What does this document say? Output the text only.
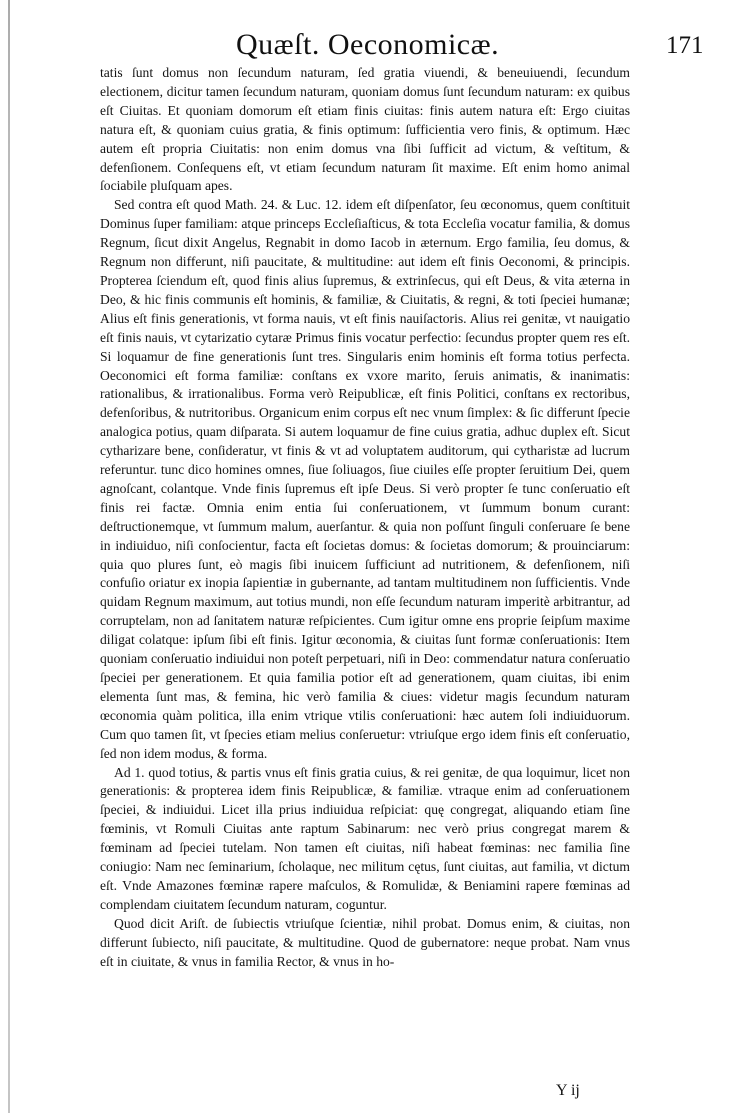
Quæſt. Oeconomicæ.	171

tatis ſunt domus non ſecundum naturam, ſed gratia viuendi, & beneuiuendi, ſecundum electionem, dicitur tamen ſecundum naturam, quoniam domus ſunt ſecundum naturam: ex quibus eſt Ciuitas. Et quoniam domorum eſt etiam finis ciuitas: finis autem natura eſt: Ergo ciuitas natura eſt, & quoniam cuius gratia, & finis optimum: ſufficientia vero finis, & optimum. Hæc autem eſt propria Ciuitatis: non enim domus vna ſibi ſufficit ad victum, & veſtitum, & defenſionem. Conſequens eſt, vt etiam ſecundum naturam ſit maxime. Eſt enim homo animal ſociabile pluſquam apes.

Sed contra eſt quod Math. 24. & Luc. 12. idem eſt diſpenſator, ſeu œconomus, quem conſtituit Dominus ſuper familiam: atque princeps Eccleſiaſticus, & tota Eccleſia vocatur familia, & domus Regnum, ſicut dixit Angelus, Regnabit in domo Iacob in æternum. Ergo familia, ſeu domus, & Regnum non differunt, niſi paucitate, & multitudine: aut idem eſt finis Oeconomi, & principis. Propterea ſciendum eſt, quod finis alius ſupremus, & extrinſecus, qui eſt Deus, & vita æterna in Deo, & hic finis communis eſt hominis, & familiæ, & Ciuitatis, & regni, & toti ſpeciei humanæ; Alius eſt finis generationis, vt forma nauis, vt eſt finis nauiſactoris. Alius rei genitæ, vt nauigatio eſt finis nauis, vt cytarizatio cytaræ Primus finis vocatur perfectio: ſecundus propter quem res eſt. Si loquamur de fine generationis ſunt tres. Singularis enim hominis eſt forma totius perfecta. Oeconomici eſt forma familiæ: conſtans ex vxore marito, ſeruis animatis, & inanimatis: rationalibus, & irrationalibus. Forma verò Reipublicæ, eſt finis Politici, conſtans ex rectoribus, defenſoribus, & nutritoribus. Organicum enim corpus eſt nec vnum ſimplex: & ſic differunt ſpecie analogica potius, quam diſparata. Si autem loquamur de fine cuius gratia, adhuc duplex eſt. Sicut cytharizare bene, conſideratur, vt finis & vt ad voluptatem auditorum, qui cytharistæ ad lucrum referuntur. tunc dico homines omnes, ſiue ſoliuagos, ſiue ciuiles eſſe propter ſeruitium Dei, quem agnoſcant, colantque. Vnde finis ſupremus eſt ipſe Deus. Si verò propter ſe tunc conſeruatio eſt finis rei factæ. Omnia enim entia ſui conſeruationem, vt ſummum bonum curant: deſtructionemque, vt ſummum malum, auerſantur. & quia non poſſunt ſinguli conſeruare ſe bene in indiuiduo, niſi conſocientur, facta eſt ſocietas domus: & ſocietas domorum; & prouinciarum: quia quo plures ſunt, eò magis ſibi inuicem ſufficiunt ad nutritionem, & defenſionem, niſi confuſio oriatur ex inopia ſapientiæ in gubernante, ad tantam multitudinem non ſufficientis. Vnde quidam Regnum maximum, aut totius mundi, non eſſe ſecundum naturam imperitè arbitrantur, ad corruptelam, non ad ſanitatem naturæ reſpicientes. Cum igitur omne ens proprie ſeipſum maxime diligat colatque: ipſum ſibi eſt finis. Igitur œconomia, & ciuitas ſunt formæ conſeruationis: Item quoniam conſeruatio indiuidui non poteſt perpetuari, niſi in Deo: commendatur natura conſeruatio ſpeciei per generationem. Et quia familia potior eſt ad generationem, quam ciuitas, ibi enim elementa ſunt mas, & femina, hic verò familia & ciues: videtur magis ſecundum naturam œconomia quàm politica, illa enim vtrique vtilis conſeruationi: hæc autem ſoli indiuiduorum. Cum quo tamen ſit, vt ſpecies etiam melius conſeruetur: vtriuſque ergo idem finis eſt conſeruatio, ſed non idem modus, & forma.

Ad 1. quod totius, & partis vnus eſt finis gratia cuius, & rei genitæ, de qua loquimur, licet non generationis: & propterea idem finis Reipublicæ, & familiæ. vtraque enim ad conſeruationem ſpeciei, & indiuidui. Licet illa prius indiuidua reſpiciat: quę congregat, aliquando etiam ſine fœminis, vt Romuli Ciuitas ante raptum Sabinarum: nec verò prius congregat marem & fœminam ad ſpeciei tutelam. Non tamen eſt ciuitas, niſi habeat fœminas: nec familia ſine coniugio: Nam nec ſeminarium, ſcholaque, nec militum cętus, ſunt ciuitas, aut familia, vt dictum eſt. Vnde Amazones fœminæ rapere maſculos, & Romulidæ, & Beniamini rapere fœminas ad complendam ciuitatem ſecundum naturam, coguntur.

Quod dicit Ariſt. de ſubiectis vtriuſque ſcientiæ, nihil probat. Domus enim, & ciuitas, non differunt ſubiecto, niſi paucitate, & multitudine. Quod de gubernatore: neque probat. Nam vnus eſt in ciuitate, & vnus in familia Rector, & vnus in ho-

Y ij
